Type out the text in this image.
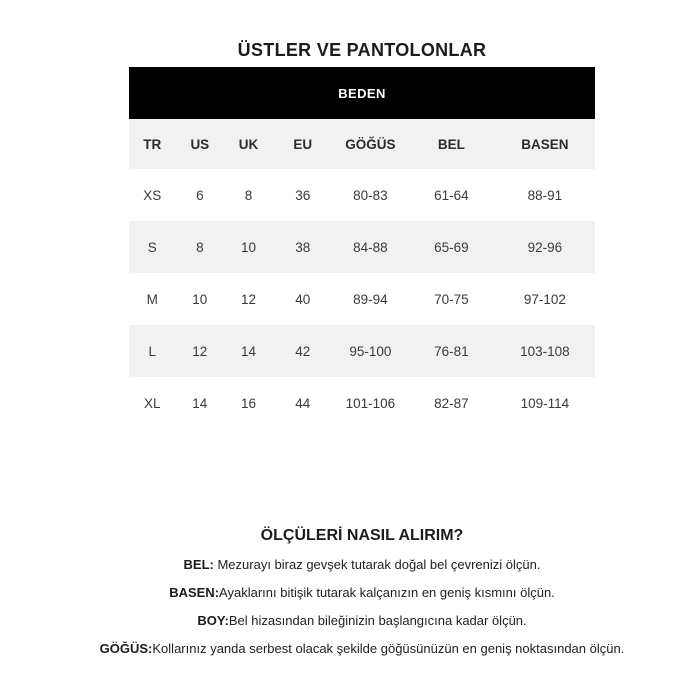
ÜSTLER VE PANTOLONLAR
BEDEN						
TR	US	UK	EU	GÖĞÜS	BEL	BASEN
XS	6	8	36	80-83	61-64	88-91
S	8	10	38	84-88	65-69	92-96
M	10	12	40	89-94	70-75	97-102
L	12	14	42	95-100	76-81	103-108
XL	14	16	44	101-106	82-87	109-114
ÖLÇÜLERİ NASIL ALIRIM?

BEL: Mezurayı biraz gevşek tutarak doğal bel çevrenizi ölçün.

BASEN:Ayaklarını bitişik tutarak kalçanızın en geniş kısmını ölçün.

BOY:Bel hizasından bileğinizin başlangıcına kadar ölçün.

GÖĞÜS:Kollarınız yanda serbest olacak şekilde göğüsünüzün en geniş noktasından ölçün.
